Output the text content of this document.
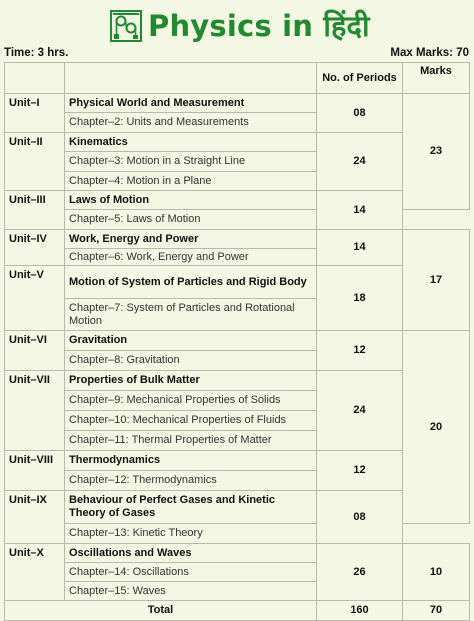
Physics in हिंदी
Time: 3 hrs.	Max Marks: 70
		No. of Periods	Marks
Unit–I	Physical World and Measurement	08	23
	Chapter–2: Units and Measurements		
Unit–II	Kinematics	24	
	Chapter–3: Motion in a Straight Line		
	Chapter–4: Motion in a Plane		
Unit–III	Laws of Motion	14	
	Chapter–5: Laws of Motion		
Unit–IV	Work, Energy and Power	14	17
	Chapter–6: Work, Energy and Power		
Unit–V	Motion of System of Particles and Rigid Body	18	
	Chapter–7: System of Particles and Rotational Motion		
Unit–VI	Gravitation	12	20
	Chapter–8: Gravitation		
Unit–VII	Properties of Bulk Matter	24	
	Chapter–9: Mechanical Properties of Solids		
	Chapter–10: Mechanical Properties of Fluids		
	Chapter–11: Thermal Properties of Matter		
Unit–VIII	Thermodynamics	12	
	Chapter–12: Thermodynamics		
Unit–IX	Behaviour of Perfect Gases and Kinetic Theory of Gases	08	
	Chapter–13: Kinetic Theory		
Unit–X	Oscillations and Waves	26	10
	Chapter–14: Oscillations		
	Chapter–15: Waves		
Total		160	70
